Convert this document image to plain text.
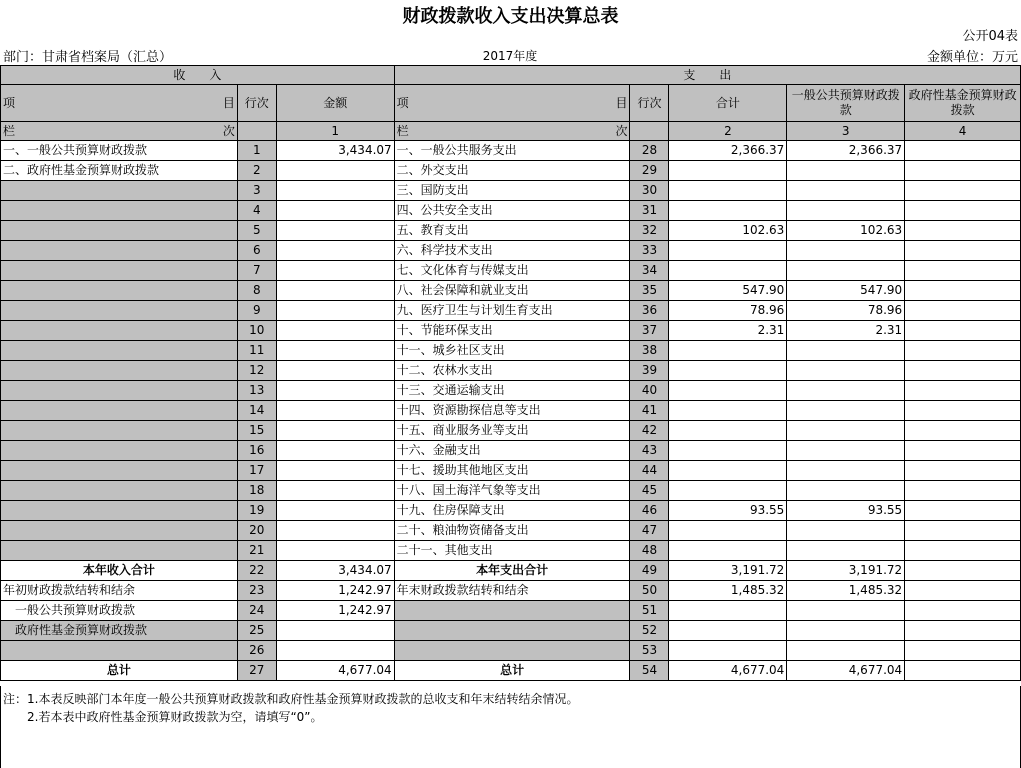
财政拨款收入支出决算总表
公开04表
部门：甘肃省档案局（汇总）	2017年度	金额单位：万元
收　　入			支　　出				

项 目	行次	金额	项 目	行次	合计	一般公共预算财政拨款	政府性基金预算财政拨款

栏 次		1	栏 次		2	3	4
一、一般公共预算财政拨款	1	3,434.07	一、一般公共服务支出	28	2,366.37	2,366.37	
二、政府性基金预算财政拨款	2		二、外交支出	29			
	3		三、国防支出	30			
	4		四、公共安全支出	31			
	5		五、教育支出	32	102.63	102.63	
	6		六、科学技术支出	33			
	7		七、文化体育与传媒支出	34			
	8		八、社会保障和就业支出	35	547.90	547.90	
	9		九、医疗卫生与计划生育支出	36	78.96	78.96	
	10		十、节能环保支出	37	2.31	2.31	
	11		十一、城乡社区支出	38			
	12		十二、农林水支出	39			
	13		十三、交通运输支出	40			
	14		十四、资源勘探信息等支出	41			
	15		十五、商业服务业等支出	42			
	16		十六、金融支出	43			
	17		十七、援助其他地区支出	44			
	18		十八、国土海洋气象等支出	45			
	19		十九、住房保障支出	46	93.55	93.55	
	20		二十、粮油物资储备支出	47			
	21		二十一、其他支出	48			
本年收入合计	22	3,434.07	本年支出合计	49	3,191.72	3,191.72	
年初财政拨款结转和结余	23	1,242.97	年末财政拨款结转和结余	50	1,485.32	1,485.32	
一般公共预算财政拨款	24	1,242.97		51			
政府性基金预算财政拨款	25			52			
	26			53			
总计	27	4,677.04	总计	54	4,677.04	4,677.04	
注：1.本表反映部门本年度一般公共预算财政拨款和政府性基金预算财政拨款的总收支和年末结转结余情况。
2.若本表中政府性基金预算财政拨款为空，请填写“0”。
